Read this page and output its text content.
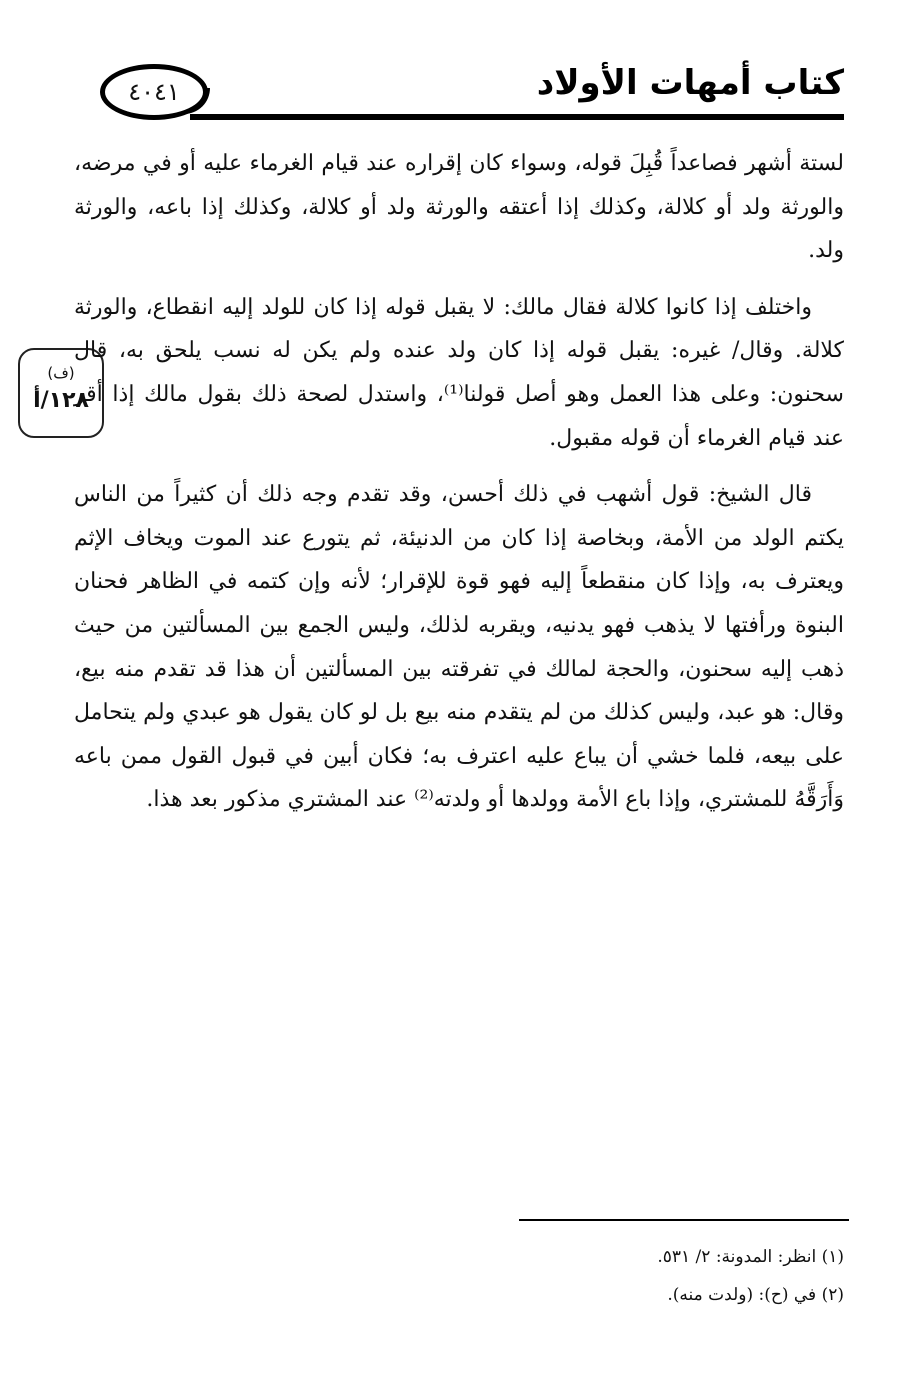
كتاب أمهات الأولاد
٤٠٤١
(ف)
١٢٨/أ

لستة أشهر فصاعداً قُبِلَ قوله، وسواء كان إقراره عند قيام الغرماء عليه أو في مرضه، والورثة ولد أو كلالة، وكذلك إذا أعتقه والورثة ولد أو كلالة، وكذلك إذا باعه، والورثة ولد.

واختلف إذا كانوا كلالة فقال مالك: لا يقبل قوله إذا كان للولد إليه انقطاع، والورثة كلالة. وقال/ غيره: يقبل قوله إذا كان ولد عنده ولم يكن له نسب يلحق به، قال سحنون: وعلى هذا العمل وهو أصل قولنا⁽¹⁾، واستدل لصحة ذلك بقول مالك إذا أقر عند قيام الغرماء أن قوله مقبول.

قال الشيخ: قول أشهب في ذلك أحسن، وقد تقدم وجه ذلك أن كثيراً من الناس يكتم الولد من الأمة، وبخاصة إذا كان من الدنيئة، ثم يتورع عند الموت ويخاف الإثم ويعترف به، وإذا كان منقطعاً إليه فهو قوة للإقرار؛ لأنه وإن كتمه في الظاهر فحنان البنوة ورأفتها لا يذهب فهو يدنيه، ويقربه لذلك، وليس الجمع بين المسألتين من حيث ذهب إليه سحنون، والحجة لمالك في تفرقته بين المسألتين أن هذا قد تقدم منه بيع، وقال: هو عبد، وليس كذلك من لم يتقدم منه بيع بل لو كان يقول هو عبدي ولم يتحامل على بيعه، فلما خشي أن يباع عليه اعترف به؛ فكان أبين في قبول القول ممن باعه وَأَرَقَّهُ للمشتري، وإذا باع الأمة وولدها أو ولدته⁽²⁾ عند المشتري مذكور بعد هذا.

(١) انظر: المدونة: ٢/ ٥٣١.
(٢) في (ح): (ولدت منه).
